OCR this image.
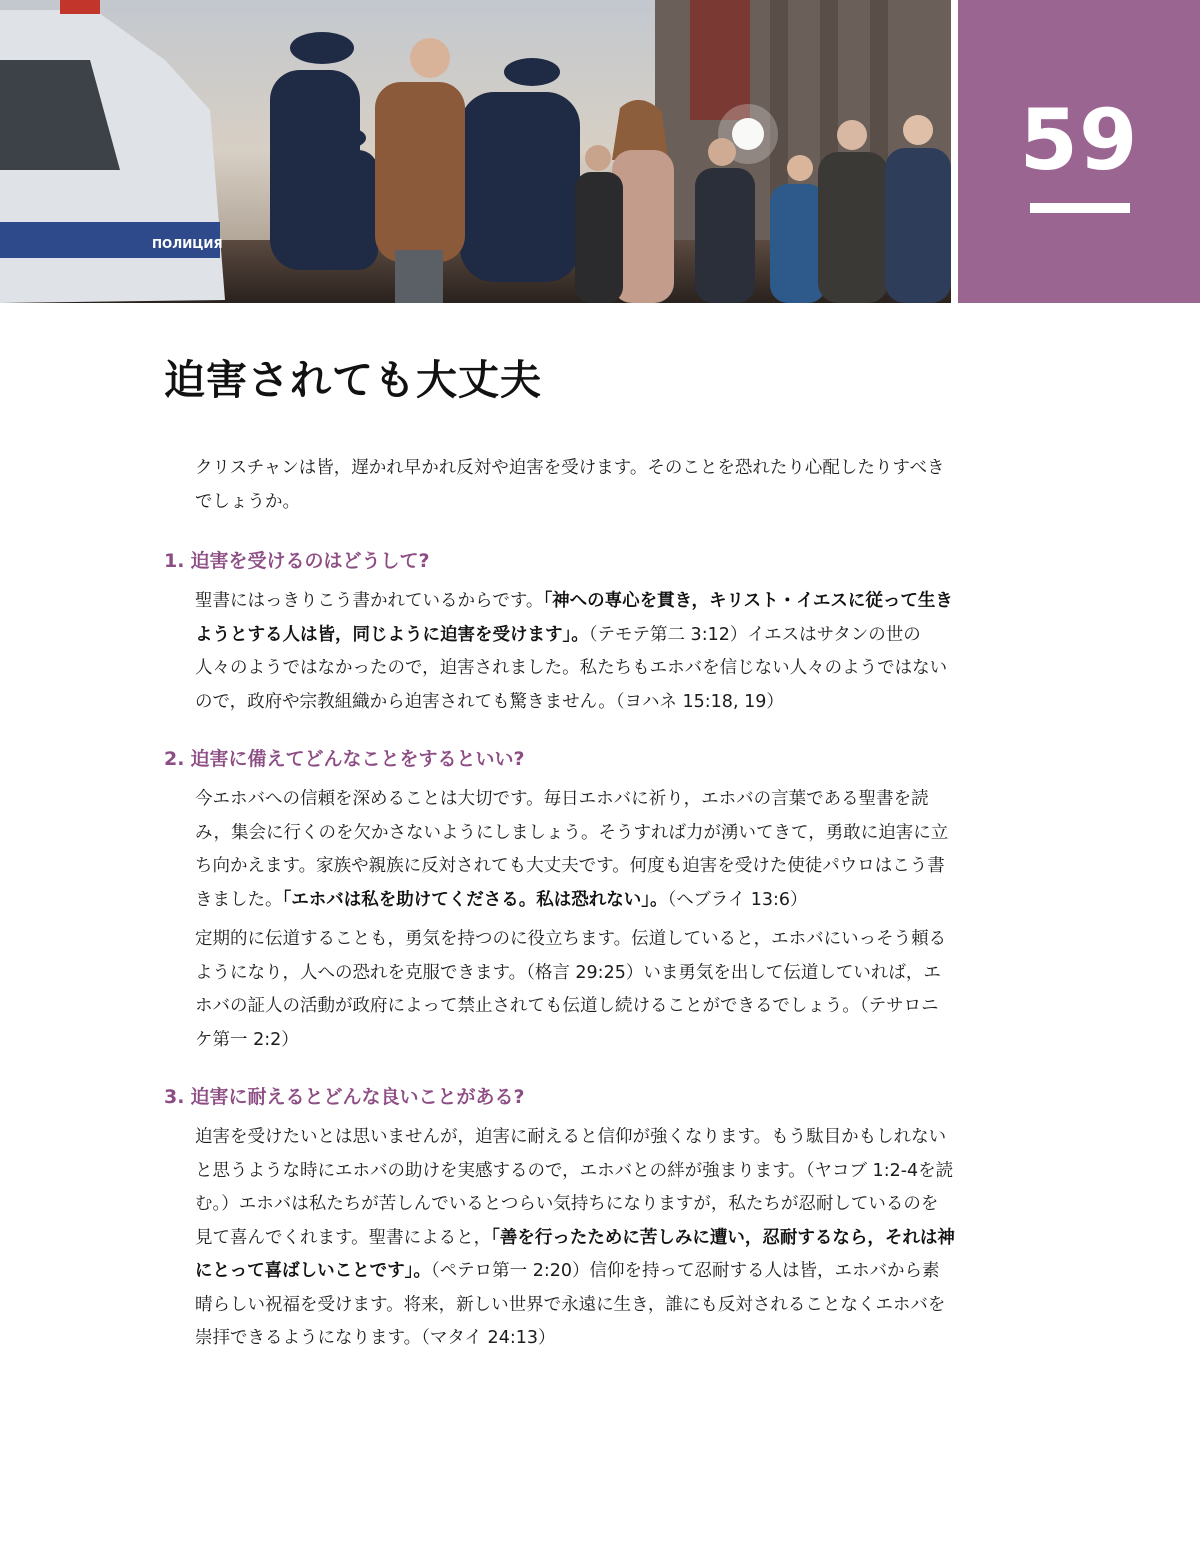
ПОЛИЦИЯ
59
迫害されても大丈夫

クリスチャンは皆，遅かれ早かれ反対や迫害を受けます。そのことを恐れたり心配したりすべきでしょうか。

1. 迫害を受けるのはどうして?

聖書にはっきりこう書かれているからです。「神への専心を貫き，キリスト・イエスに従って生きようとする人は皆，同じように迫害を受けます」。（テモテ第二 3:12）イエスはサタンの世の人々のようではなかったので，迫害されました。私たちもエホバを信じない人々のようではないので，政府や宗教組織から迫害されても驚きません。（ヨハネ 15:18, 19）

2. 迫害に備えてどんなことをするといい?

今エホバへの信頼を深めることは大切です。毎日エホバに祈り，エホバの言葉である聖書を読み，集会に行くのを欠かさないようにしましょう。そうすれば力が湧いてきて，勇敢に迫害に立ち向かえます。家族や親族に反対されても大丈夫です。何度も迫害を受けた使徒パウロはこう書きました。「エホバは私を助けてくださる。私は恐れない」。（ヘブライ 13:6）

定期的に伝道することも，勇気を持つのに役立ちます。伝道していると，エホバにいっそう頼るようになり，人への恐れを克服できます。（格言 29:25）いま勇気を出して伝道していれば，エホバの証人の活動が政府によって禁止されても伝道し続けることができるでしょう。（テサロニケ第一 2:2）

3. 迫害に耐えるとどんな良いことがある?

迫害を受けたいとは思いませんが，迫害に耐えると信仰が強くなります。もう駄目かもしれないと思うような時にエホバの助けを実感するので，エホバとの絆が強まります。（ヤコブ 1:2-4を読む。）エホバは私たちが苦しんでいるとつらい気持ちになりますが，私たちが忍耐しているのを見て喜んでくれます。聖書によると，「善を行ったために苦しみに遭い，忍耐するなら，それは神にとって喜ばしいことです」。（ペテロ第一 2:20）信仰を持って忍耐する人は皆，エホバから素晴らしい祝福を受けます。将来，新しい世界で永遠に生き，誰にも反対されることなくエホバを崇拝できるようになります。（マタイ 24:13）
